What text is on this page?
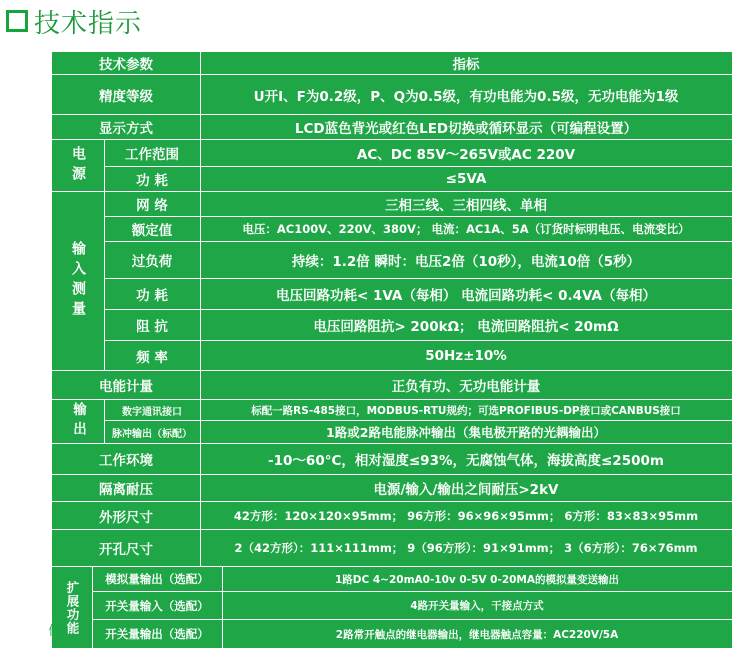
技术指示
技术参数	指标
精度等级	U开I、F为0.2级，P、Q为0.5级，有功电能为0.5级，无功电能为1级
显示方式	LCD蓝色背光或红色LED切换或循环显示（可编程设置）
电源	工作范围	AC、DC 85V～265V或AC 220V
功 耗	≤5VA
输入测量
网 络	三相三线、三相四线、单相
额定值	电压：AC100V、220V、380V； 电流：AC1A、5A（订货时标明电压、电流变比）
过负荷	持续：1.2倍 瞬时：电压2倍（10秒），电流10倍（5秒）
功 耗	电压回路功耗< 1VA（每相） 电流回路功耗< 0.4VA（每相）
阻 抗	电压回路阻抗> 200kΩ； 电流回路阻抗< 20mΩ
频 率	50Hz±10%
电能计量	正负有功、无功电能计量
输出	数字通讯接口	标配一路RS-485接口，MODBUS-RTU规约；可选PROFIBUS-DP接口或CANBUS接口
脉冲输出（标配）	1路或2路电能脉冲输出（集电极开路的光耦输出）
工作环境	-10～60°C，相对湿度≤93%，无腐蚀气体，海拔高度≤2500m
隔离耐压	电源/输入/输出之间耐压>2kV
外形尺寸	42方形：120×120×95mm； 96方形：96×96×95mm； 6方形：83×83×95mm
开孔尺寸	2（42方形）：111×111mm； 9（96方形）：91×91mm； 3（6方形）：76×76mm
扩展功能
模拟量输出（选配）	1路DC 4~20mA0-10v 0-5V 0-20MA的模拟量变送输出
开关量输入（选配）	4路开关量输入，干接点方式
开关量输出（选配）	2路常开触点的继电器输出，继电器触点容量：AC220V/5A
代
